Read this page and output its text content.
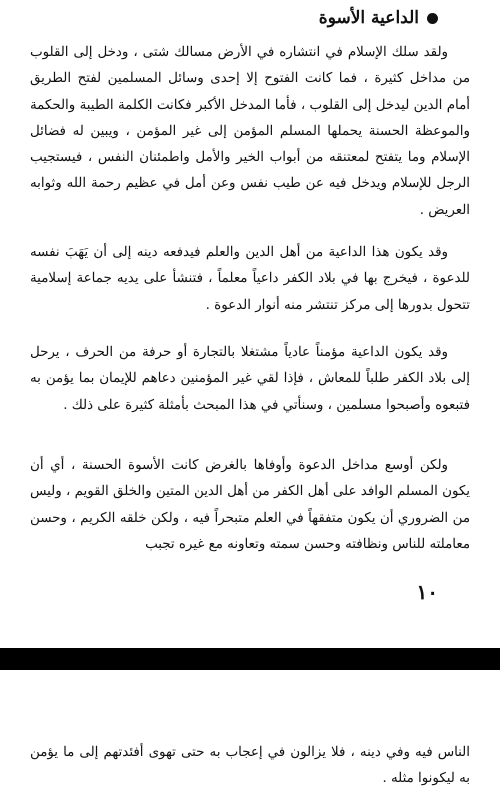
الداعية الأسوة

ولقد سلك الإسلام في انتشاره في الأرض مسالك شتى ، ودخل إلى القلوب من مداخل كثيرة ، فما كانت الفتوح إلا إحدى وسائل المسلمين لفتح الطريق أمام الدين ليدخل إلى القلوب ، فأما المدخل الأكبر فكانت الكلمة الطيبة والحكمة والموعظة الحسنة يحملها المسلم المؤمن إلى غير المؤمن ، ويبين له فضائل الإسلام وما يتفتح لمعتنقه من أبواب الخير والأمل واطمئنان النفس ، فيستجيب الرجل للإسلام ويدخل فيه عن طيب نفس وعن أمل في عظيم رحمة الله وثوابه العريض .

وقد يكون هذا الداعية من أهل الدين والعلم فيدفعه دينه إلى أن يَهَبَ نفسه للدعوة ، فيخرج بها في بلاد الكفر داعياً معلماً ، فتنشأ على يديه جماعة إسلامية تتحول بدورها إلى مركز تنتشر منه أنوار الدعوة .

وقد يكون الداعية مؤمناً عادياً مشتغلا بالتجارة أو حرفة من الحرف ، يرحل إلى بلاد الكفر طلباً للمعاش ، فإذا لقي غير المؤمنين دعاهم للإيمان بما يؤمن به فتبعوه وأصبحوا مسلمين ، وسنأتي في هذا المبحث بأمثلة كثيرة على ذلك .

ولكن أوسع مداخل الدعوة وأوفاها بالغرض كانت الأسوة الحسنة ، أي أن يكون المسلم الوافد على أهل الكفر من أهل الدين المتين والخلق القويم ، وليس من الضروري أن يكون متفقهاً في العلم متبحراً فيه ، ولكن خلقه الكريم ، وحسن معاملته للناس ونظافته وحسن سمته وتعاونه مع غيره تجبب

١٠

الناس فيه وفي دينه ، فلا يزالون في إعجاب به حتى تهوى أفئدتهم إلى ما يؤمن به ليكونوا مثله .
